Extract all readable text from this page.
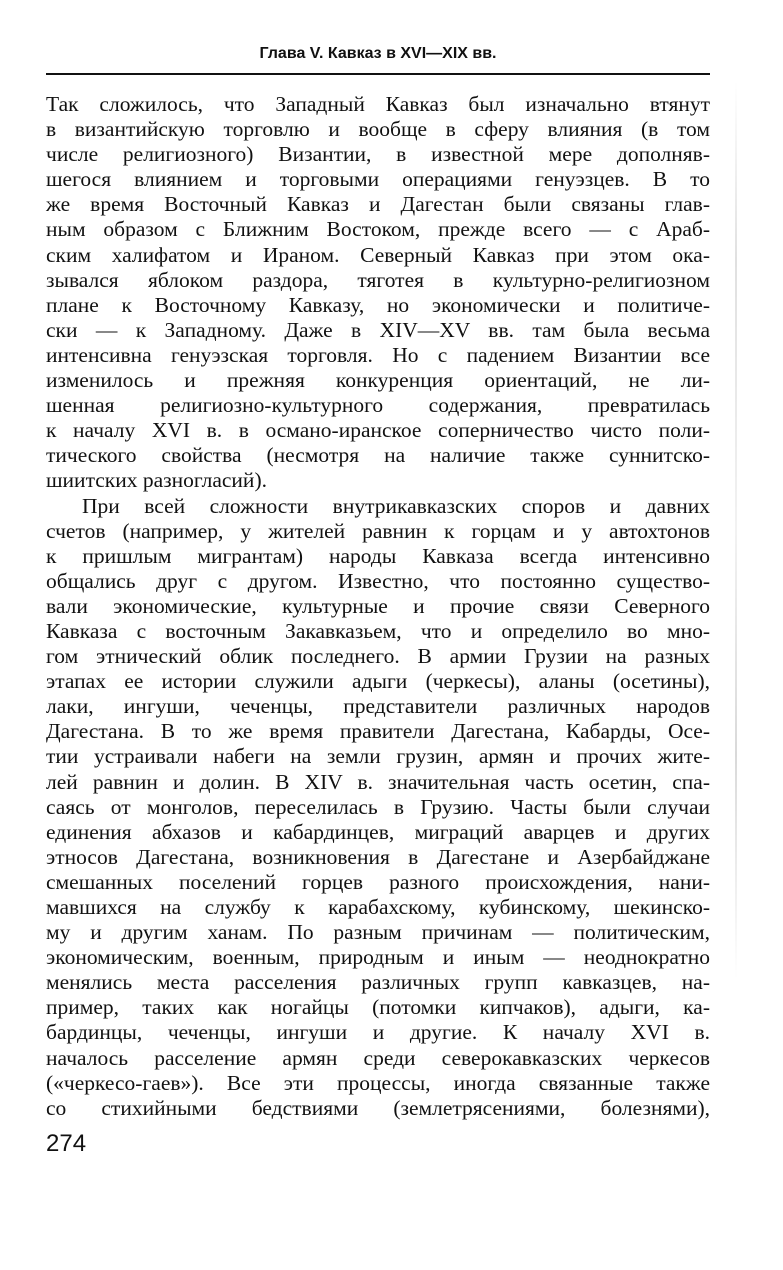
Глава V. Кавказ в XVI—XIX вв.
Так сложилось, что Западный Кавказ был изначально втянут
в византийскую торговлю и вообще в сферу влияния (в том
числе религиозного) Византии, в известной мере дополняв-
шегося влиянием и торговыми операциями генуэзцев. В то
же время Восточный Кавказ и Дагестан были связаны глав-
ным образом с Ближним Востоком, прежде всего — с Араб-
ским халифатом и Ираном. Северный Кавказ при этом ока-
зывался яблоком раздора, тяготея в культурно-религиозном
плане к Восточному Кавказу, но экономически и политиче-
ски — к Западному. Даже в XIV—XV вв. там была весьма
интенсивна генуэзская торговля. Но с падением Византии все
изменилось и прежняя конкуренция ориентаций, не ли-
шенная религиозно-культурного содержания, превратилась
к началу XVI в. в османо-иранское соперничество чисто поли-
тического свойства (несмотря на наличие также суннитско-
шиитских разногласий).
При всей сложности внутрикавказских споров и давних
счетов (например, у жителей равнин к горцам и у автохтонов
к пришлым мигрантам) народы Кавказа всегда интенсивно
общались друг с другом. Известно, что постоянно существо-
вали экономические, культурные и прочие связи Северного
Кавказа с восточным Закавказьем, что и определило во мно-
гом этнический облик последнего. В армии Грузии на разных
этапах ее истории служили адыги (черкесы), аланы (осетины),
лаки, ингуши, чеченцы, представители различных народов
Дагестана. В то же время правители Дагестана, Кабарды, Осе-
тии устраивали набеги на земли грузин, армян и прочих жите-
лей равнин и долин. В XIV в. значительная часть осетин, спа-
саясь от монголов, переселилась в Грузию. Часты были случаи
единения абхазов и кабардинцев, миграций аварцев и других
этносов Дагестана, возникновения в Дагестане и Азербайджане
смешанных поселений горцев разного происхождения, нани-
мавшихся на службу к карабахскому, кубинскому, шекинско-
му и другим ханам. По разным причинам — политическим,
экономическим, военным, природным и иным — неоднократно
менялись места расселения различных групп кавказцев, на-
пример, таких как ногайцы (потомки кипчаков), адыги, ка-
бардинцы, чеченцы, ингуши и другие. К началу XVI в.
началось расселение армян среди северокавказских черкесов
(«черкесо-гаев»). Все эти процессы, иногда связанные также
со стихийными бедствиями (землетрясениями, болезнями),
274
